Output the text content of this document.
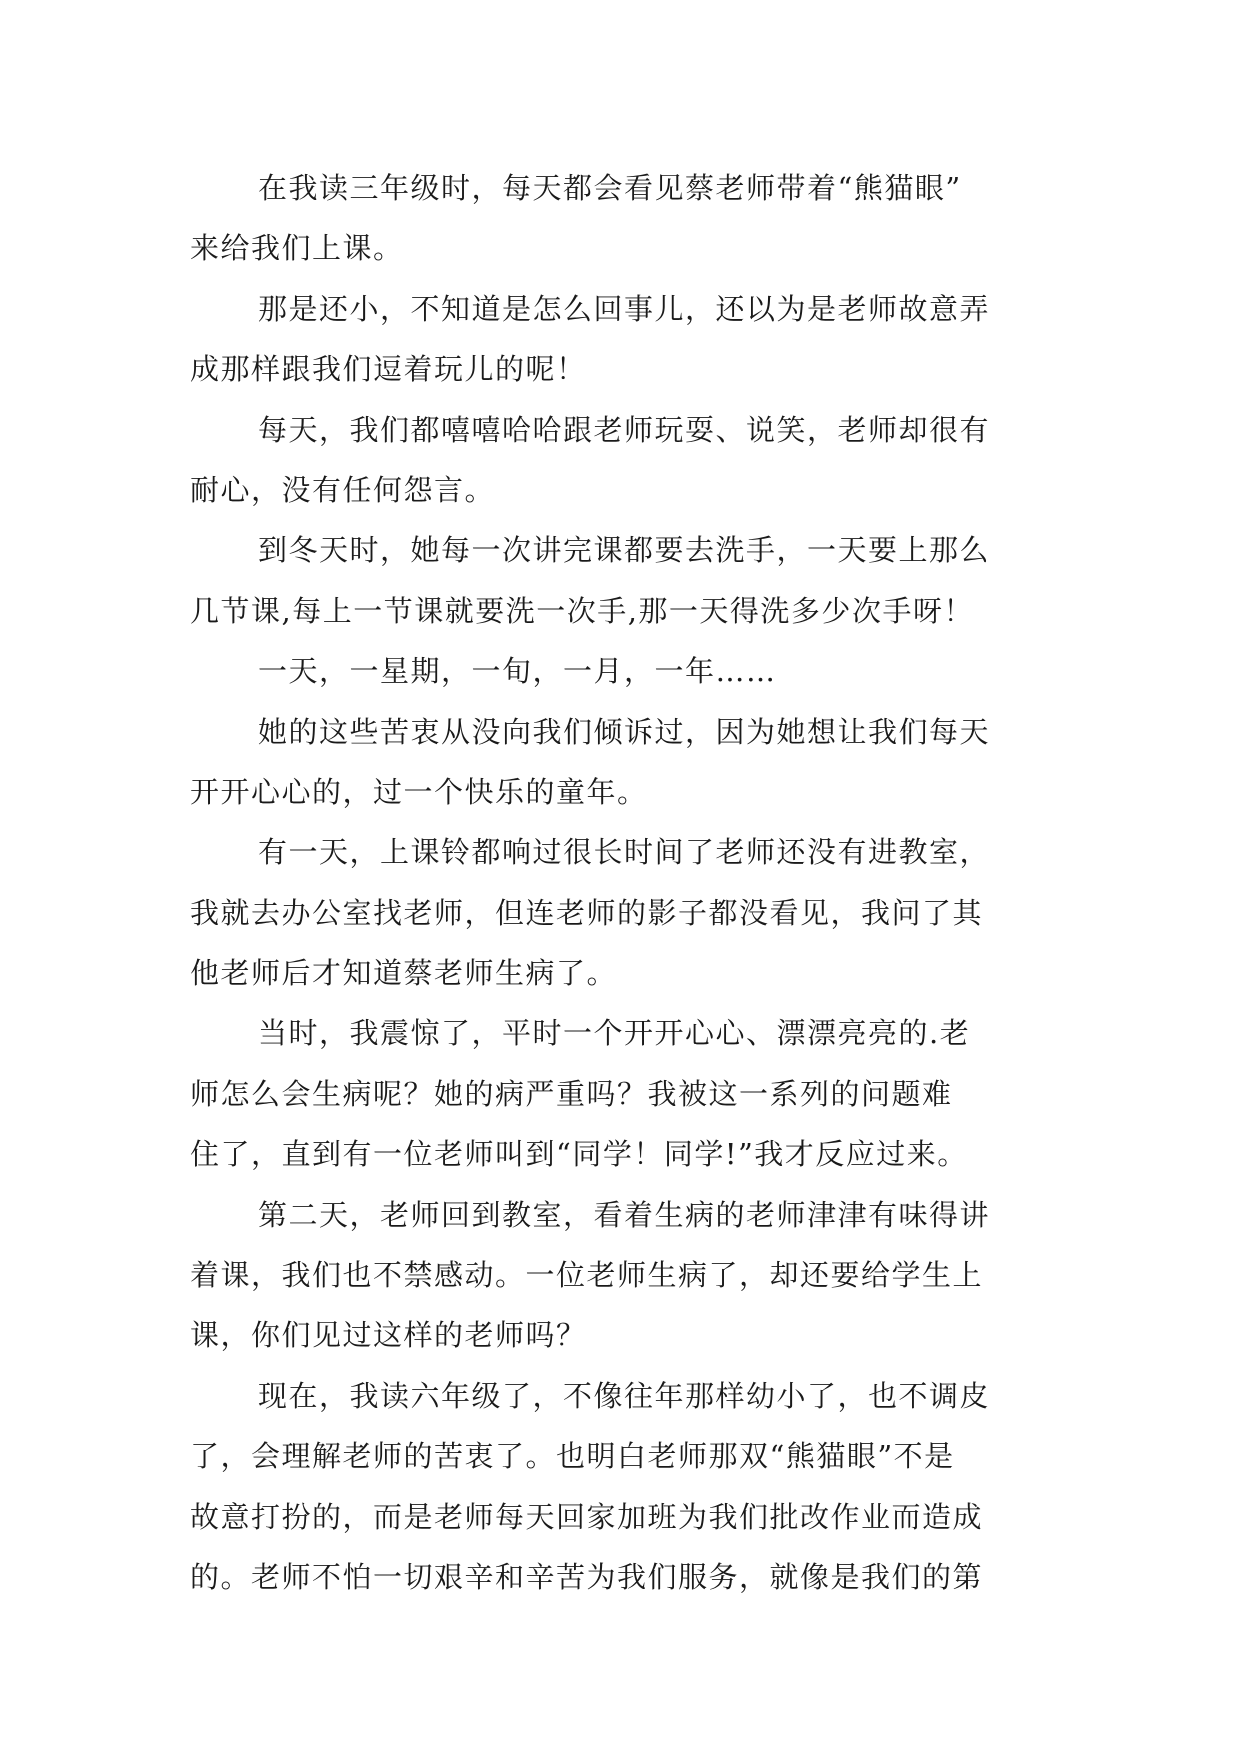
在我读三年级时，每天都会看见蔡老师带着“熊猫眼”
来给我们上课。
那是还小，不知道是怎么回事儿，还以为是老师故意弄
成那样跟我们逗着玩儿的呢！
每天，我们都嘻嘻哈哈跟老师玩耍、说笑，老师却很有
耐心，没有任何怨言。
到冬天时，她每一次讲完课都要去洗手，一天要上那么
几节课,每上一节课就要洗一次手,那一天得洗多少次手呀！
一天，一星期，一旬，一月，一年……
她的这些苦衷从没向我们倾诉过，因为她想让我们每天
开开心心的，过一个快乐的童年。
有一天，上课铃都响过很长时间了老师还没有进教室，
我就去办公室找老师，但连老师的影子都没看见，我问了其
他老师后才知道蔡老师生病了。
当时，我震惊了，平时一个开开心心、漂漂亮亮的.老
师怎么会生病呢？她的病严重吗？我被这一系列的问题难
住了，直到有一位老师叫到“同学！同学!”我才反应过来。
第二天，老师回到教室，看着生病的老师津津有味得讲
着课，我们也不禁感动。一位老师生病了，却还要给学生上
课，你们见过这样的老师吗？
现在，我读六年级了，不像往年那样幼小了，也不调皮
了，会理解老师的苦衷了。也明白老师那双“熊猫眼”不是
故意打扮的，而是老师每天回家加班为我们批改作业而造成
的。老师不怕一切艰辛和辛苦为我们服务，就像是我们的第
